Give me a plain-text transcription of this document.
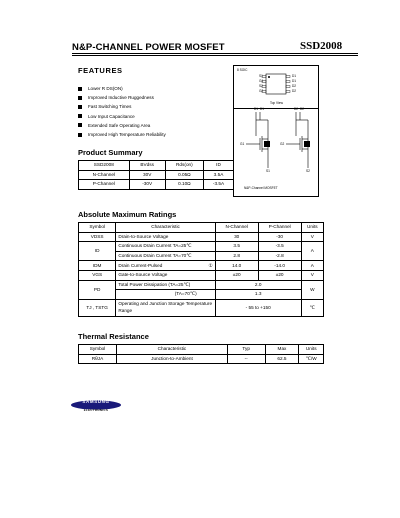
N&P-CHANNEL POWER MOSFET	SSD2008
FEATURES
Lower R DS(ON)
Improved Inductive Ruggedness
Fast Switching Times
Low Input Capacitance
Extended Safe Operating Area
Improved High Temperature Reliability
8 SOIC
S1
G1
S2
G2
D1
D1
D2
D2
Top View
D1 D1	D2 D2
G1	G2
S1	S2
N&P-Channel MOSFET
Product Summary
SSD2008	BVdss	Rds(on)	ID
N-Channel	30V	0.05Ω	3.5A
P-Channel	-30V	0.10Ω	-3.5A
Absolute Maximum Ratings
Symbol	Characteristic	N-Channel	P-Channel	Units
VDSS	Drain-to-Source Voltage	30	-30	V
ID	Continuous Drain Current TA=25℃	3.5	-3.5	A
	Continuous Drain Current TA=70℃	2.8	-2.8	
IDM	Drain Current-Pulsed ①	14.0	-14.0	A
VGS	Gate-to-Source Voltage	±20	±20	V
PD	Total Power Dissipation (TA=25℃)	2.0		W
	(TA=70℃)	1.3		
TJ , TSTG	Operating and Junction Storage Temperature Range	- 55 to +150		℃
Thermal Resistance
Symbol	Characteristic	Typ	Max	Units
RθJA	Junction-to-Ambient	--	62.5	℃/W
SAMSUNG
ELECTRONICS
